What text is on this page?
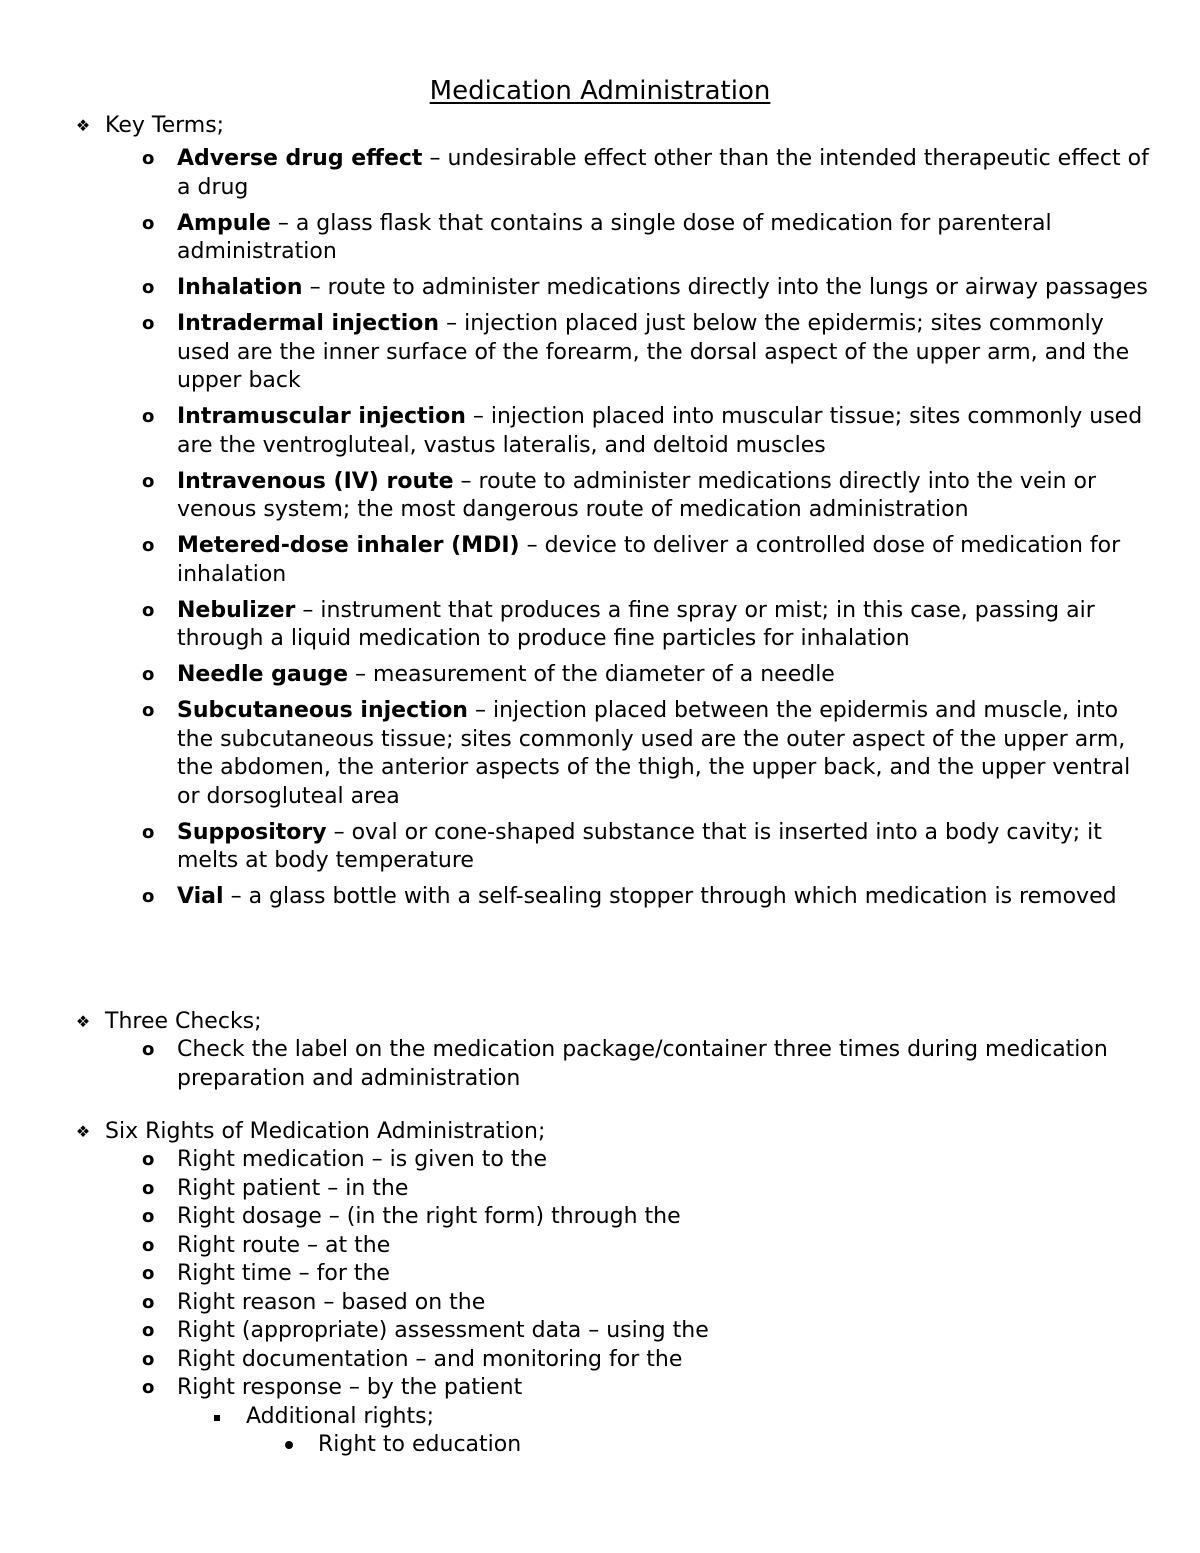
Medication Administration
❖ Key Terms;
o Adverse drug effect – undesirable effect other than the intended therapeutic effect of a drug
o Ampule – a glass flask that contains a single dose of medication for parenteral administration
o Inhalation – route to administer medications directly into the lungs or airway passages
o Intradermal injection – injection placed just below the epidermis; sites commonly used are the inner surface of the forearm, the dorsal aspect of the upper arm, and the upper back
o Intramuscular injection – injection placed into muscular tissue; sites commonly used are the ventrogluteal, vastus lateralis, and deltoid muscles
o Intravenous (IV) route – route to administer medications directly into the vein or venous system; the most dangerous route of medication administration
o Metered-dose inhaler (MDI) – device to deliver a controlled dose of medication for inhalation
o Nebulizer – instrument that produces a fine spray or mist; in this case, passing air through a liquid medication to produce fine particles for inhalation
o Needle gauge – measurement of the diameter of a needle
o Subcutaneous injection – injection placed between the epidermis and muscle, into the subcutaneous tissue; sites commonly used are the outer aspect of the upper arm, the abdomen, the anterior aspects of the thigh, the upper back, and the upper ventral or dorsogluteal area
o Suppository – oval or cone-shaped substance that is inserted into a body cavity; it melts at body temperature
o Vial – a glass bottle with a self-sealing stopper through which medication is removed
❖ Three Checks;
o Check the label on the medication package/container three times during medication preparation and administration
❖ Six Rights of Medication Administration;
o Right medication – is given to the
o Right patient – in the
o Right dosage – (in the right form) through the
o Right route – at the
o Right time – for the
o Right reason – based on the
o Right (appropriate) assessment data – using the
o Right documentation – and monitoring for the
o Right response – by the patient
Additional rights;
Right to education
